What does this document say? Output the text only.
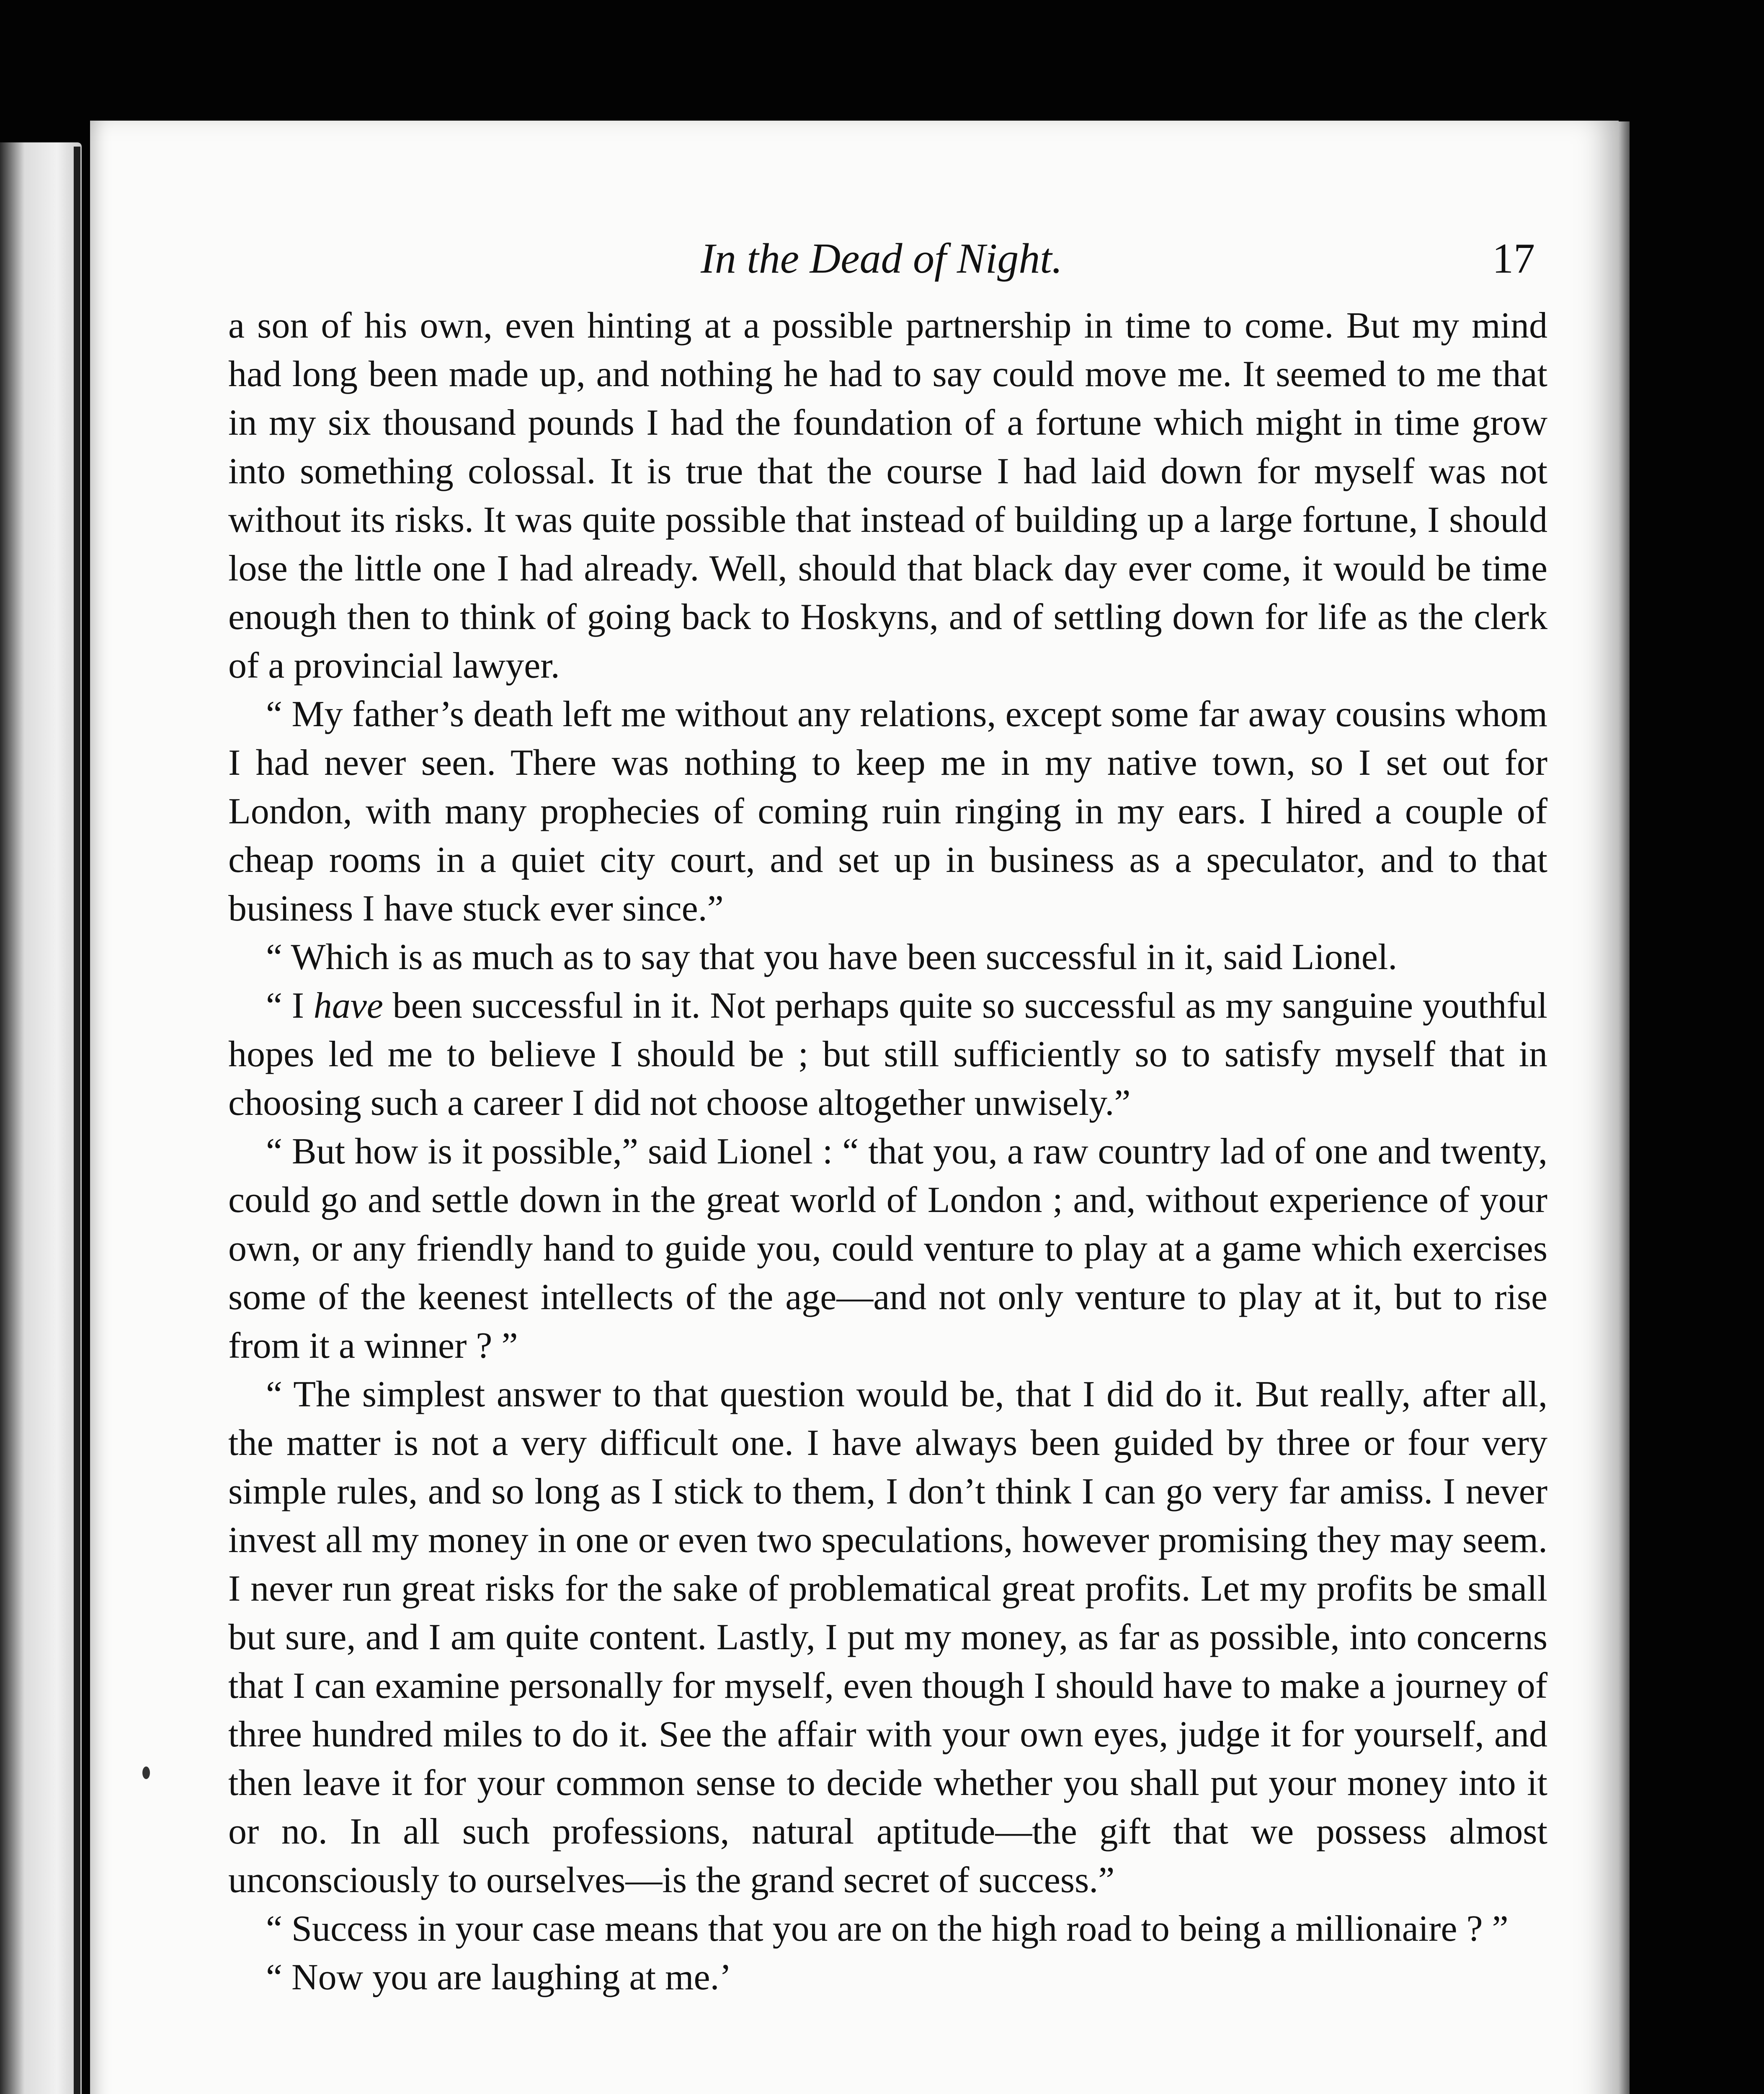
In the Dead of Night.	17

a son of his own, even hinting at a possible partnership in time to come. But my mind had long been made up, and nothing he had to say could move me. It seemed to me that in my six thousand pounds I had the foundation of a fortune which might in time grow into something colossal. It is true that the course I had laid down for myself was not without its risks. It was quite possible that instead of building up a large fortune, I should lose the little one I had already. Well, should that black day ever come, it would be time enough then to think of going back to Hoskyns, and of settling down for life as the clerk of a provincial lawyer.

“ My father’s death left me without any relations, except some far away cousins whom I had never seen. There was nothing to keep me in my native town, so I set out for London, with many prophecies of coming ruin ringing in my ears. I hired a couple of cheap rooms in a quiet city court, and set up in business as a speculator, and to that business I have stuck ever since.”

“ Which is as much as to say that you have been successful in it, said Lionel.

“ I have been successful in it. Not perhaps quite so successful as my sanguine youthful hopes led me to believe I should be ; but still sufficiently so to satisfy myself that in choosing such a career I did not choose altogether unwisely.”

“ But how is it possible,” said Lionel : “ that you, a raw country lad of one and twenty, could go and settle down in the great world of London ; and, without experience of your own, or any friendly hand to guide you, could venture to play at a game which exercises some of the keenest intellects of the age—and not only venture to play at it, but to rise from it a winner ? ”

“ The simplest answer to that question would be, that I did do it. But really, after all, the matter is not a very difficult one. I have always been guided by three or four very simple rules, and so long as I stick to them, I don’t think I can go very far amiss. I never invest all my money in one or even two speculations, however promising they may seem. I never run great risks for the sake of problematical great profits. Let my profits be small but sure, and I am quite content. Lastly, I put my money, as far as possible, into concerns that I can examine personally for myself, even though I should have to make a journey of three hundred miles to do it. See the affair with your own eyes, judge it for yourself, and then leave it for your common sense to decide whether you shall put your money into it or no. In all such professions, natural aptitude—the gift that we possess almost unconsciously to ourselves—is the grand secret of success.”

“ Success in your case means that you are on the high road to being a millionaire ? ”

“ Now you are laughing at me.’
